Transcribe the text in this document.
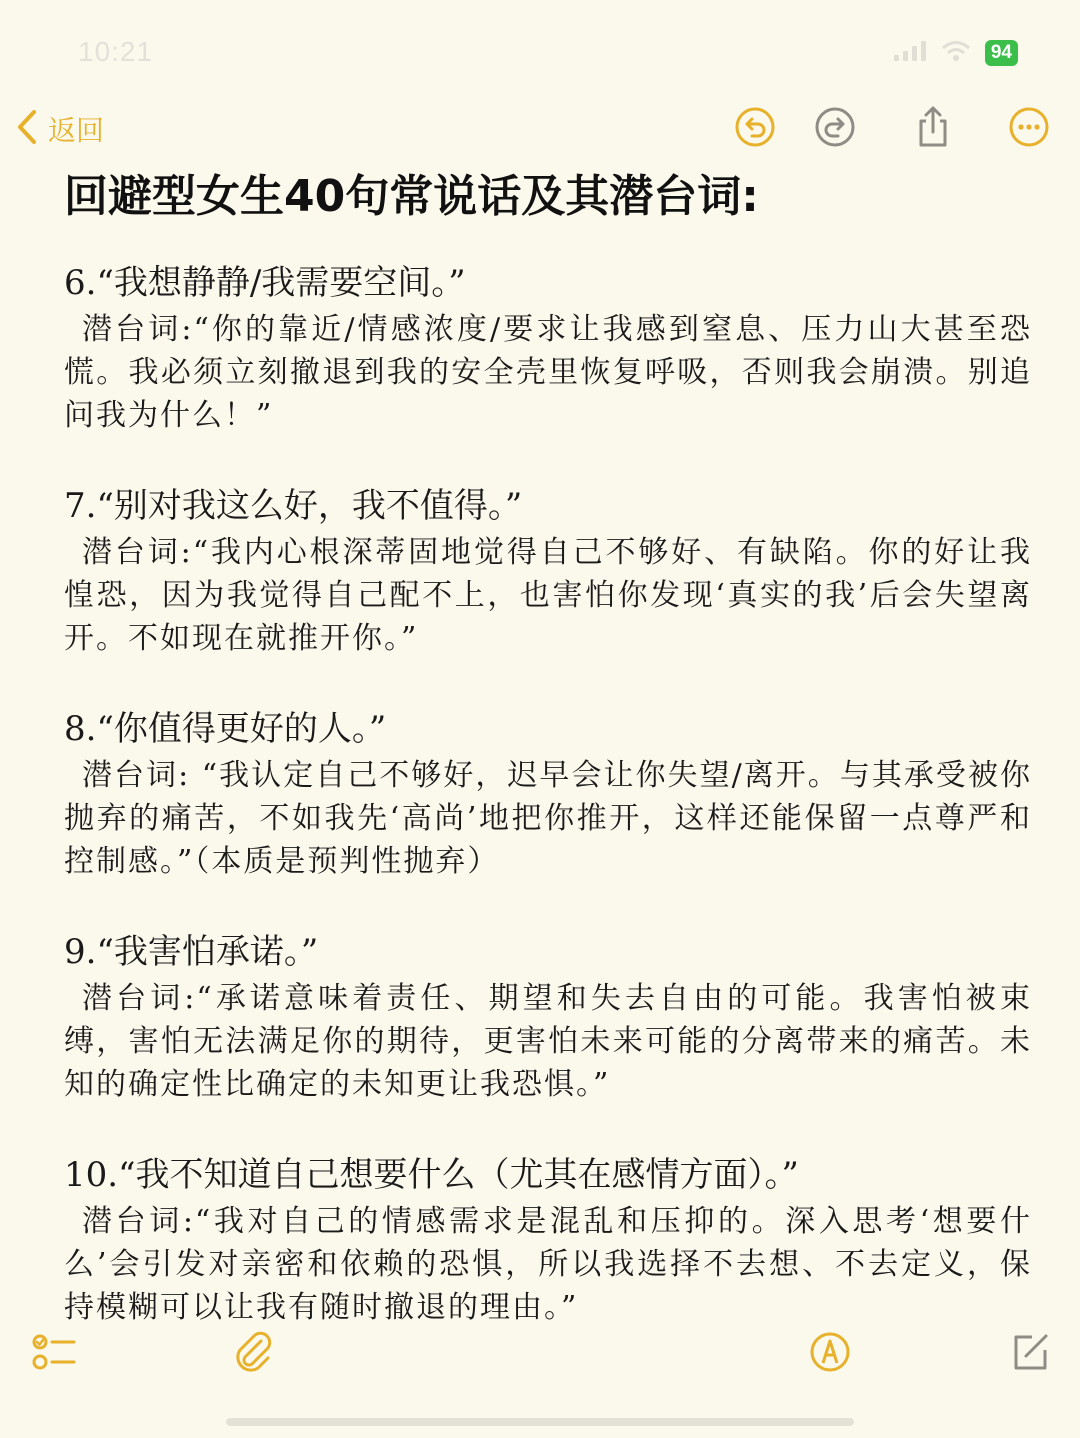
10:21	94
返回
回避型女生40句常说话及其潜台词:
6.“我想静静/我需要空间。”
潜台词:“你的靠近/情感浓度/要求让我感到窒息、压力山大甚至恐慌。我必须立刻撤退到我的安全壳里恢复呼吸，否则我会崩溃。别追问我为什么！”
7.“别对我这么好，我不值得。”
潜台词:“我内心根深蒂固地觉得自己不够好、有缺陷。你的好让我惶恐，因为我觉得自己配不上，也害怕你发现‘真实的我’后会失望离开。不如现在就推开你。”
8.“你值得更好的人。”
潜台词: “我认定自己不够好，迟早会让你失望/离开。与其承受被你抛弃的痛苦，不如我先‘高尚’地把你推开，这样还能保留一点尊严和控制感。”（本质是预判性抛弃）
9.“我害怕承诺。”
潜台词:“承诺意味着责任、期望和失去自由的可能。我害怕被束缚，害怕无法满足你的期待，更害怕未来可能的分离带来的痛苦。未知的确定性比确定的未知更让我恐惧。”
10.“我不知道自己想要什么（尤其在感情方面）。”
潜台词:“我对自己的情感需求是混乱和压抑的。深入思考‘想要什么’会引发对亲密和依赖的恐惧，所以我选择不去想、不去定义，保持模糊可以让我有随时撤退的理由。”
